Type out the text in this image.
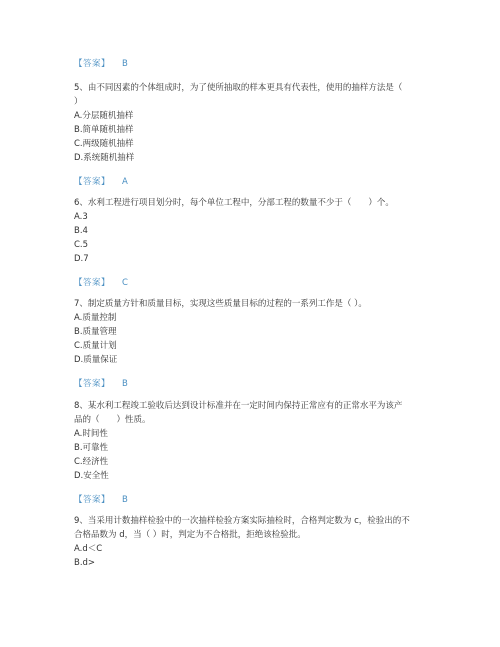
【答案】 B

5、由不同因素的个体组成时，为了使所抽取的样本更具有代表性，使用的抽样方法是（

）

A.分层随机抽样

B.简单随机抽样

C.两级随机抽样

D.系统随机抽样

【答案】 A

6、水利工程进行项目划分时，每个单位工程中，分部工程的数量不少于（　　）个。

A.3

B.4

C.5

D.7

【答案】 C

7、制定质量方针和质量目标，实现这些质量目标的过程的一系列工作是（ ）。

A.质量控制

B.质量管理

C.质量计划

D.质量保证

【答案】 B

8、某水利工程竣工验收后达到设计标准并在一定时间内保持正常应有的正常水平为该产

品的（　　）性质。

A.时间性

B.可靠性

C.经济性

D.安全性

【答案】 B

9、当采用计数抽样检验中的一次抽样检验方案实际抽检时，合格判定数为 c，检验出的不

合格品数为 d，当（ ）时，判定为不合格批，拒绝该检验批。

A.d＜C

B.d>
